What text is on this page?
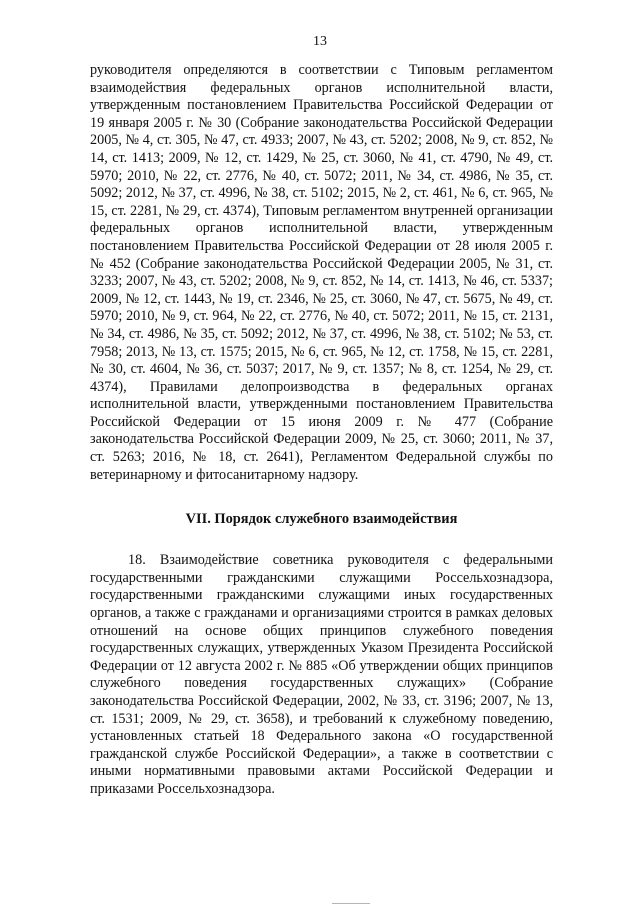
13

руководителя определяются в соответствии с Типовым регламентом взаимодействия федеральных органов исполнительной власти, утвержденным постановлением Правительства Российской Федерации от 19 января 2005 г. № 30 (Собрание законодательства Российской Федерации 2005, № 4, ст. 305, № 47, ст. 4933; 2007, № 43, ст. 5202; 2008, № 9, ст. 852, № 14, ст. 1413; 2009, № 12, ст. 1429, № 25, ст. 3060, № 41, ст. 4790, № 49, ст. 5970; 2010, № 22, ст. 2776, № 40, ст. 5072; 2011, № 34, ст. 4986, № 35, ст. 5092; 2012, № 37, ст. 4996, № 38, ст. 5102; 2015, № 2, ст. 461, № 6, ст. 965, № 15, ст. 2281, № 29, ст. 4374), Типовым регламентом внутренней организации федеральных органов исполнительной власти, утвержденным постановлением Правительства Российской Федерации от 28 июля 2005 г. № 452 (Собрание законодательства Российской Федерации 2005, № 31, ст. 3233; 2007, № 43, ст. 5202; 2008, № 9, ст. 852, № 14, ст. 1413, № 46, ст. 5337; 2009, № 12, ст. 1443, № 19, ст. 2346, № 25, ст. 3060, № 47, ст. 5675, № 49, ст. 5970; 2010, № 9, ст. 964, № 22, ст. 2776, № 40, ст. 5072; 2011, № 15, ст. 2131, № 34, ст. 4986, № 35, ст. 5092; 2012, № 37, ст. 4996, № 38, ст. 5102; № 53, ст. 7958; 2013, № 13, ст. 1575; 2015, № 6, ст. 965, № 12, ст. 1758, № 15, ст. 2281, № 30, ст. 4604, № 36, ст. 5037; 2017, № 9, ст. 1357; № 8, ст. 1254, № 29, ст. 4374), Правилами делопроизводства в федеральных органах исполнительной власти, утвержденными постановлением Правительства Российской Федерации от 15 июня 2009 г. № 477 (Собрание законодательства Российской Федерации 2009, № 25, ст. 3060; 2011, № 37, ст. 5263; 2016, № 18, ст. 2641), Регламентом Федеральной службы по ветеринарному и фитосанитарному надзору.

VII. Порядок служебного взаимодействия

18. Взаимодействие советника руководителя с федеральными государственными гражданскими служащими Россельхознадзора, государственными гражданскими служащими иных государственных органов, а также с гражданами и организациями строится в рамках деловых отношений на основе общих принципов служебного поведения государственных служащих, утвержденных Указом Президента Российской Федерации от 12 августа 2002 г. № 885 «Об утверждении общих принципов служебного поведения государственных служащих» (Собрание законодательства Российской Федерации, 2002, № 33, ст. 3196; 2007, № 13, ст. 1531; 2009, № 29, ст. 3658), и требований к служебному поведению, установленных статьей 18 Федерального закона «О государственной гражданской службе Российской Федерации», а также в соответствии с иными нормативными правовыми актами Российской Федерации и приказами Россельхознадзора.
